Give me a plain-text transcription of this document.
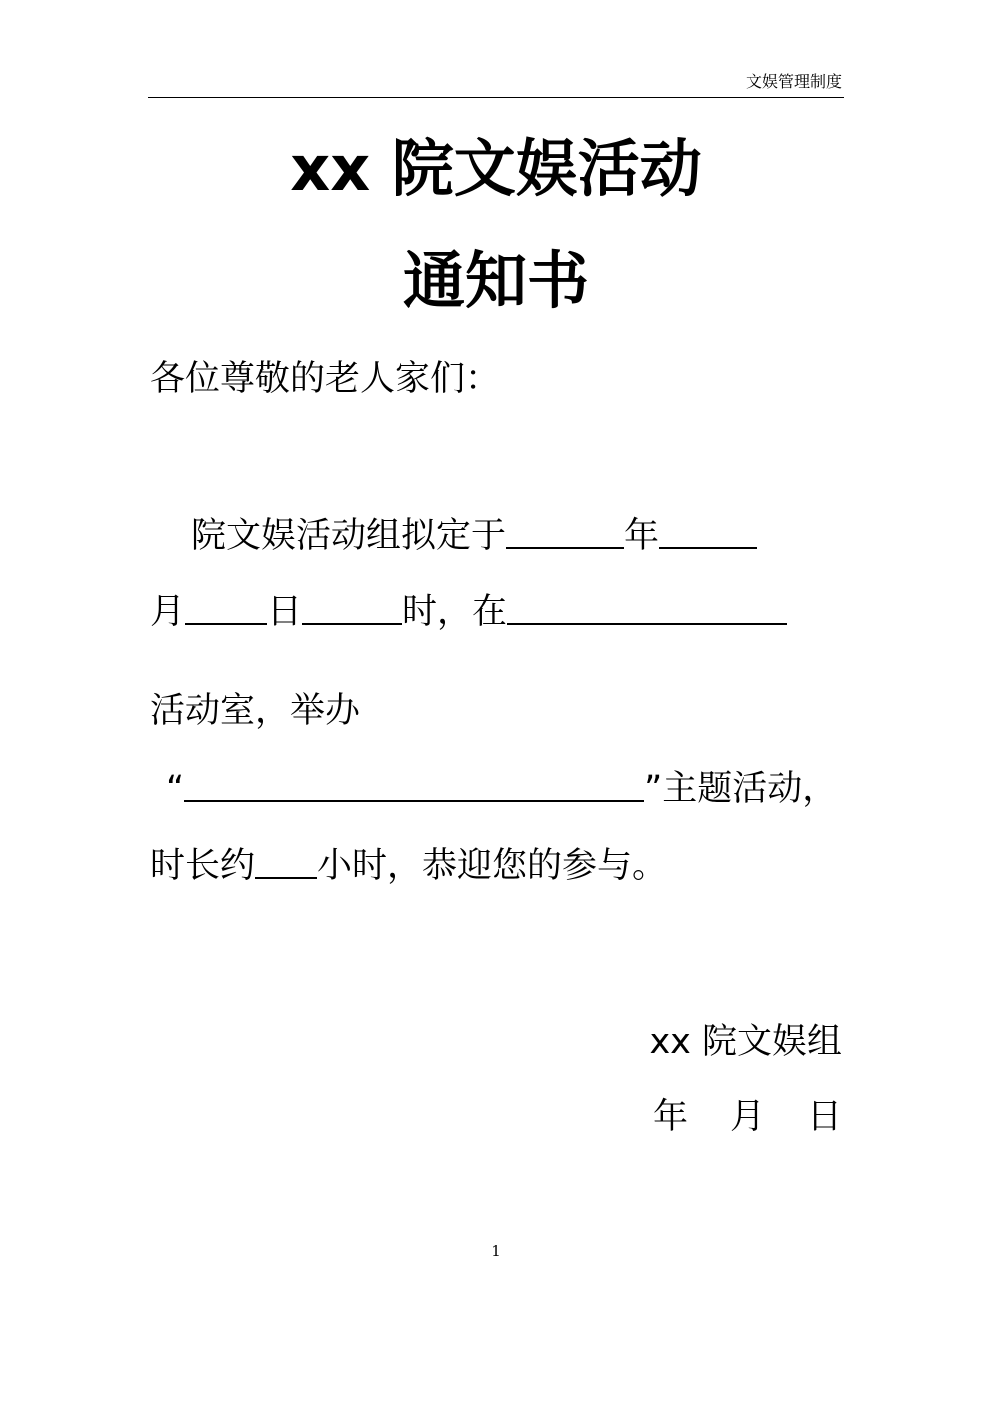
文娱管理制度
xx 院文娱活动
通知书
各位尊敬的老人家们：
院文娱活动组拟定于	年
月 日	时，在
活动室，举办
“	”主题活动，
时长约 小时，恭迎您的参与。
xx 院文娱组
年 月 日
1
